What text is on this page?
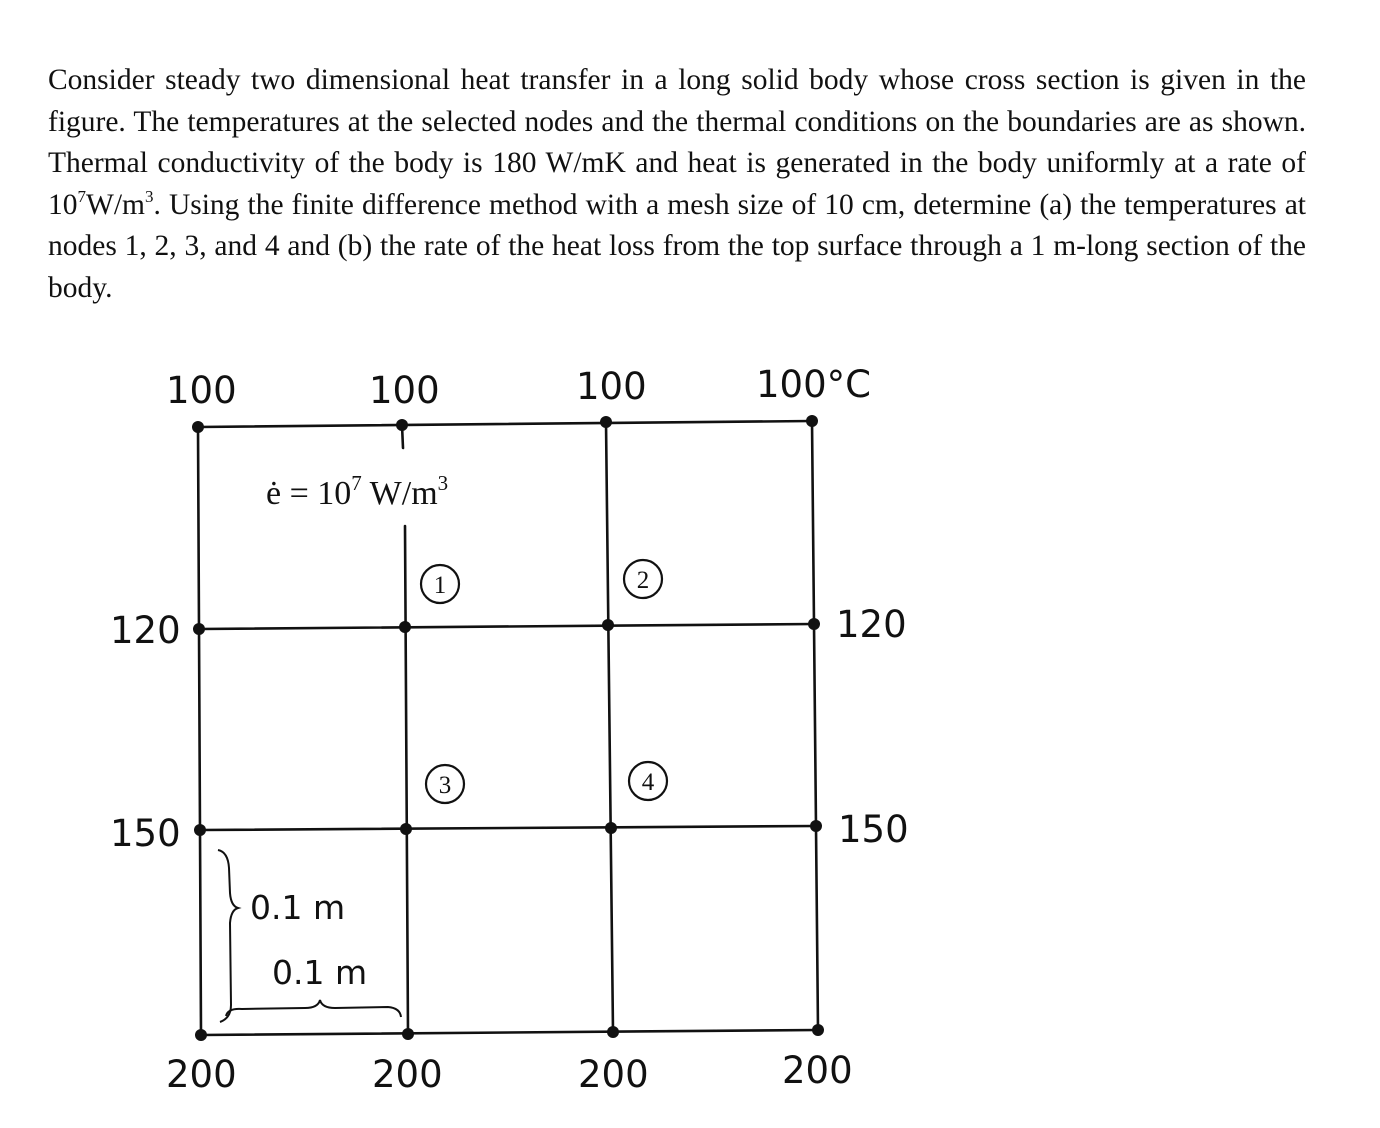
Consider steady two dimensional heat transfer in a long solid body whose cross section is given in the figure. The temperatures at the selected nodes and the thermal conditions on the boundaries are as shown. Thermal conductivity of the body is 180 W/mK and heat is generated in the body uniformly at a rate of $10^7W/m^3$. Using the finite difference method with a mesh size of 10 cm, determine (a) the temperatures at nodes 1, 2, 3, and 4 and (b) the rate of the heat loss from the top surface through a 1 m-long section of the body.

100	100	100	100°C
120
150
120
150
200	200	200	200
ė = $10^7$ $W/m^3$
1	2
3	4
0.1 m
0.1 m
